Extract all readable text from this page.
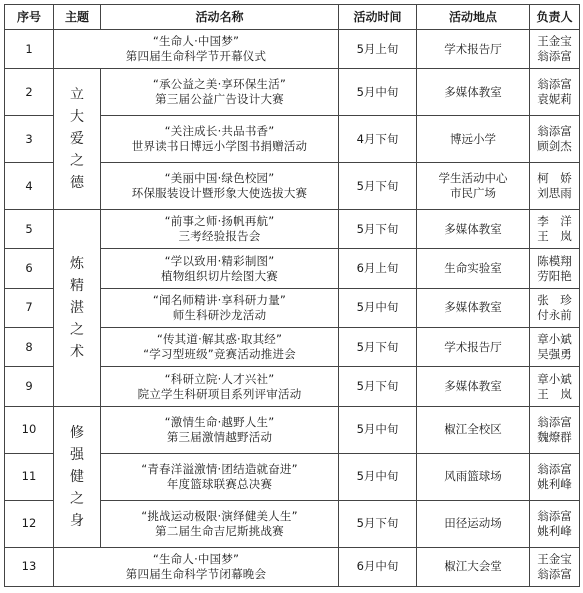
序号	主题	活动名称	活动时间	活动地点	负责人
1	“生命人·中国梦”
第四届生命科学节开幕仪式		5月上旬	学术报告厅	王金宝
翁添富

2	立大爱之德	“承公益之美·享环保生活”
第三届公益广告设计大赛	5月中旬	多媒体教室	翁添富
袁妮莉

3		“关注成长·共品书香”
世界读书日博远小学图书捐赠活动	4月下旬	博远小学	翁添富
顾剑杰

4		“美丽中国·绿色校园”
环保服装设计暨形象大使选拔大赛	5月下旬	学生活动中心
市民广场	柯　娇
刘思雨

5	炼精湛之术	“前事之师·扬帆再航”
三考经验报告会	5月下旬	多媒体教室	李　洋
王　岚

6		“学以致用·精彩制图”
植物组织切片绘图大赛	6月上旬	生命实验室	陈模翔
劳阳艳

7		“闻名师精讲·享科研力量”
师生科研沙龙活动	5月中旬	多媒体教室	张　珍
付永前

8		“传其道·解其惑·取其经”
“学习型班级”竞赛活动推进会	5月下旬	学术报告厅	章小斌
吴强勇

9		“科研立院·人才兴社”
院立学生科研项目系列评审活动	5月下旬	多媒体教室	章小斌
王　岚

10	修强健之身	“激情生命·越野人生”
第三届激情越野活动	5月中旬	椒江全校区	翁添富
魏燎群

11		“青春洋溢激情·团结造就奋进”
年度篮球联赛总决赛	5月中旬	风雨篮球场	翁添富
姚利峰

12		“挑战运动极限·演绎健美人生”
第二届生命吉尼斯挑战赛	5月下旬	田径运动场	翁添富
姚利峰

13	“生命人·中国梦”
第四届生命科学节闭幕晚会		6月中旬	椒江大会堂	王金宝
翁添富
